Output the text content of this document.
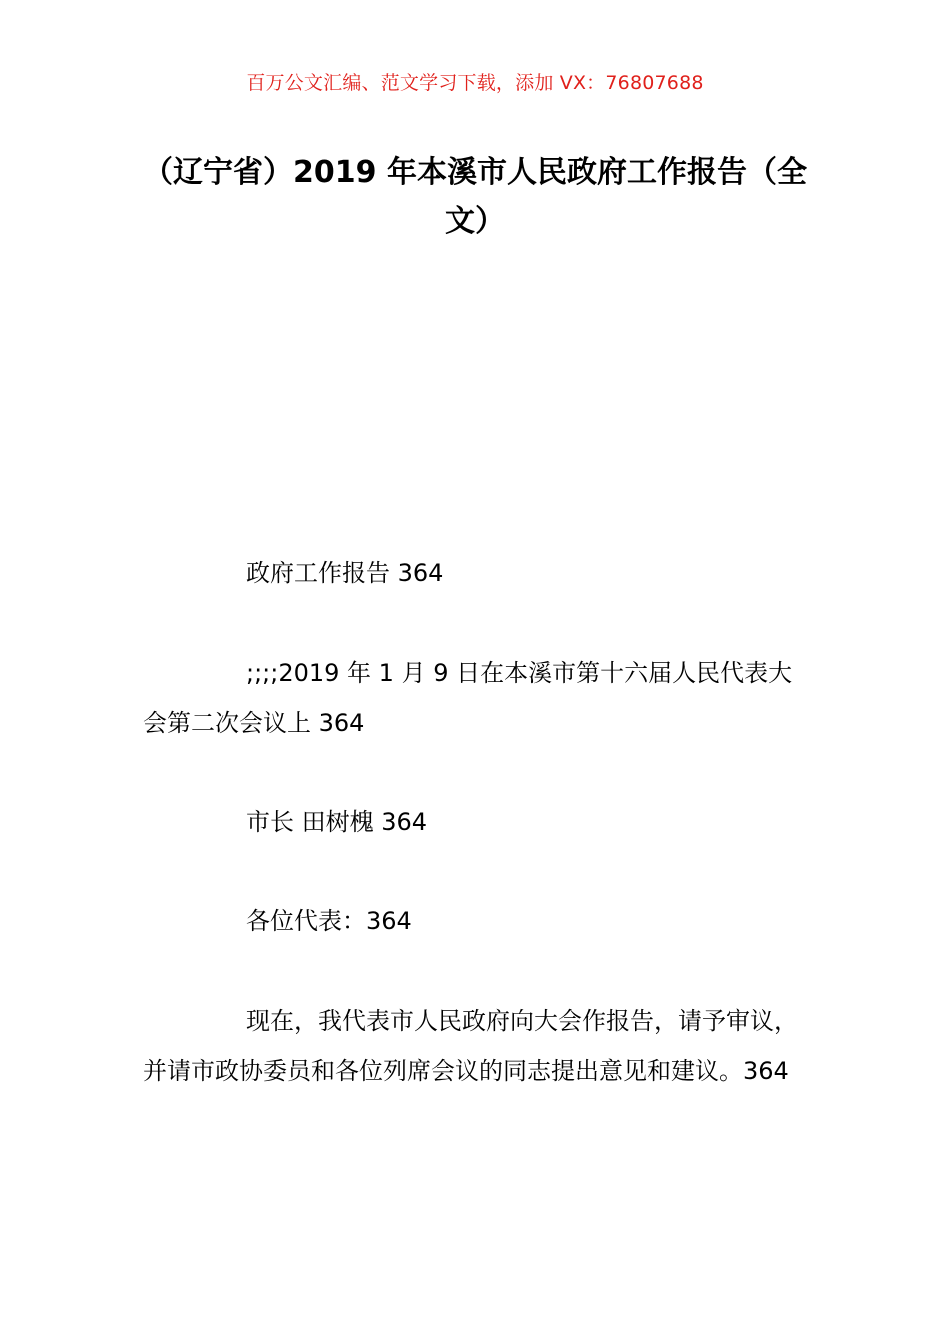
百万公文汇编、范文学习下载，添加 VX：76807688
（辽宁省）2019 年本溪市人民政府工作报告（全文）
政府工作报告 364
;;;;2019 年 1 月 9 日在本溪市第十六届人民代表大会第二次会议上 364
市长 田树槐 364
各位代表：364
现在，我代表市人民政府向大会作报告，请予审议，并请市政协委员和各位列席会议的同志提出意见和建议。364
